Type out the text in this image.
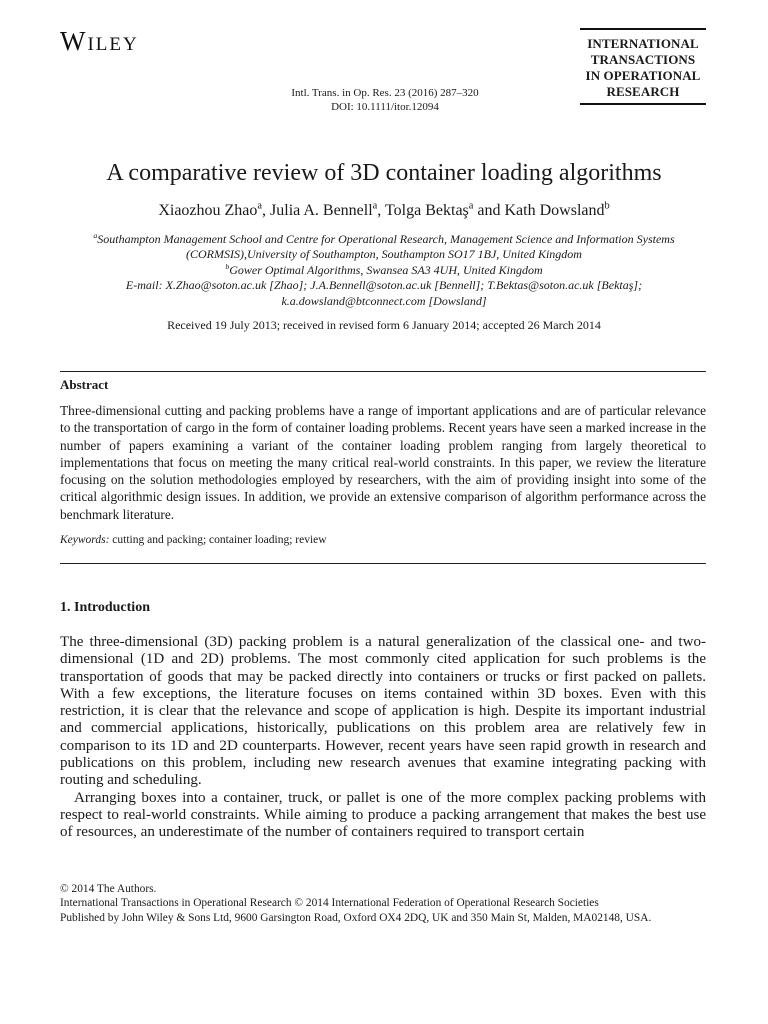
Wiley	INTERNATIONAL
TRANSACTIONS
IN OPERATIONAL
RESEARCH
Intl. Trans. in Op. Res. 23 (2016) 287–320
DOI: 10.1111/itor.12094
A comparative review of 3D container loading algorithms
Xiaozhou Zhao$^a$, Julia A. Bennell$^a$, Tolga Bektaş$^a$ and Kath Dowsland$^b$
$^a$Southampton Management School and Centre for Operational Research, Management Science and Information Systems
(CORMSIS),University of Southampton, Southampton SO17 1BJ, United Kingdom
$^b$Gower Optimal Algorithms, Swansea SA3 4UH, United Kingdom
E-mail: X.Zhao@soton.ac.uk [Zhao]; J.A.Bennell@soton.ac.uk [Bennell]; T.Bektas@soton.ac.uk [Bektaş];
k.a.dowsland@btconnect.com [Dowsland]
Received 19 July 2013; received in revised form 6 January 2014; accepted 26 March 2014
Abstract
Three-dimensional cutting and packing problems have a range of important applications and are of particular relevance to the transportation of cargo in the form of container loading problems. Recent years have seen a marked increase in the number of papers examining a variant of the container loading problem ranging from largely theoretical to implementations that focus on meeting the many critical real-world constraints. In this paper, we review the literature focusing on the solution methodologies employed by researchers, with the aim of providing insight into some of the critical algorithmic design issues. In addition, we provide an extensive comparison of algorithm performance across the benchmark literature.
Keywords: cutting and packing; container loading; review
1. Introduction

The three-dimensional (3D) packing problem is a natural generalization of the classical one- and two-dimensional (1D and 2D) problems. The most commonly cited application for such problems is the transportation of goods that may be packed directly into containers or trucks or first packed on pallets. With a few exceptions, the literature focuses on items contained within 3D boxes. Even with this restriction, it is clear that the relevance and scope of application is high. Despite its important industrial and commercial applications, historically, publications on this problem area are relatively few in comparison to its 1D and 2D counterparts. However, recent years have seen rapid growth in research and publications on this problem, including new research avenues that examine integrating packing with routing and scheduling.

Arranging boxes into a container, truck, or pallet is one of the more complex packing problems with respect to real-world constraints. While aiming to produce a packing arrangement that makes the best use of resources, an underestimate of the number of containers required to transport certain

© 2014 The Authors.
International Transactions in Operational Research © 2014 International Federation of Operational Research Societies
Published by John Wiley & Sons Ltd, 9600 Garsington Road, Oxford OX4 2DQ, UK and 350 Main St, Malden, MA02148, USA.
